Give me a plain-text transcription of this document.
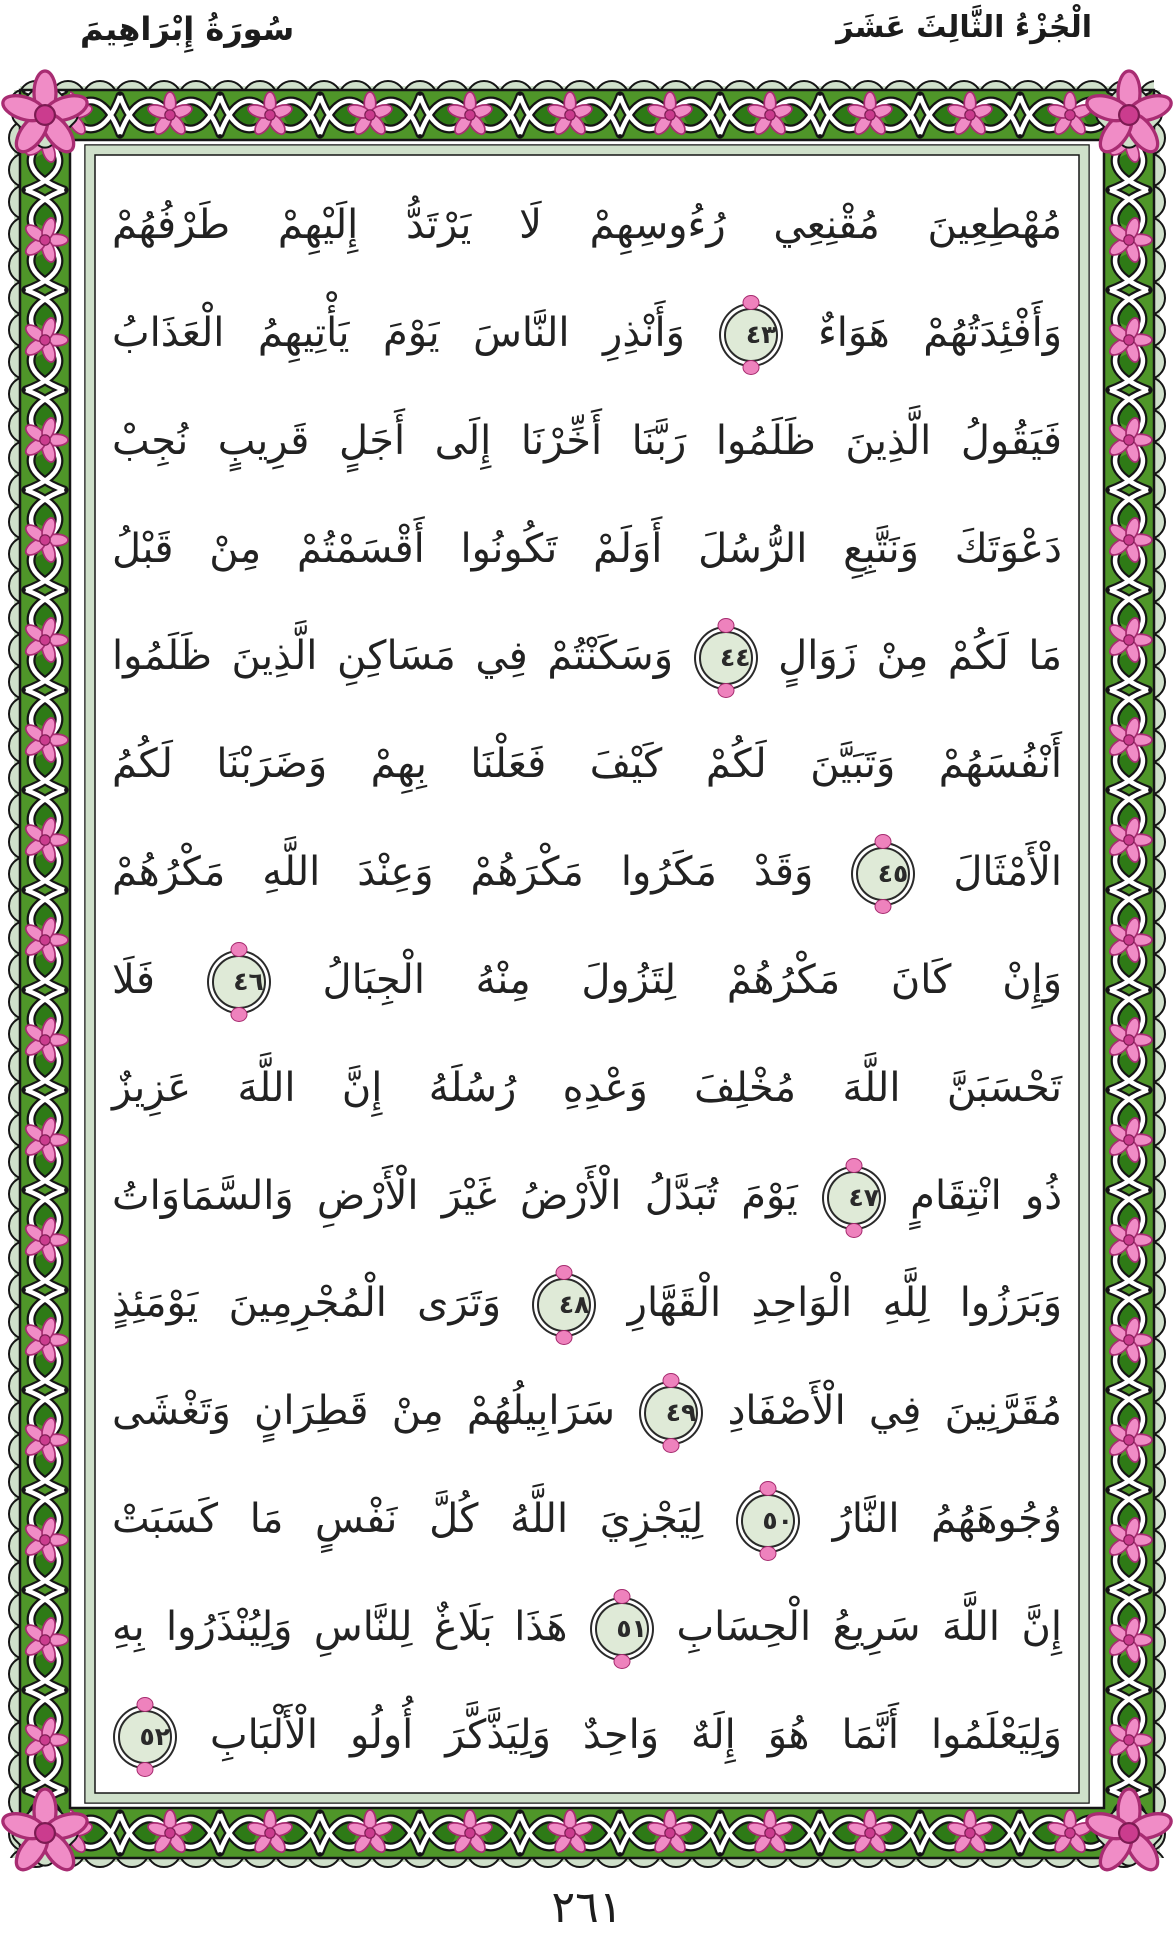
الْجُزْءُ الثَّالِثَ عَشَرَ
سُورَةُ إِبْرَاهِيمَ
مُهْطِعِينَ مُقْنِعِي رُءُوسِهِمْ لَا يَرْتَدُّ إِلَيْهِمْ طَرْفُهُمْ
وَأَفْئِدَتُهُمْ هَوَاءٌ ٤٣ وَأَنْذِرِ النَّاسَ يَوْمَ يَأْتِيهِمُ الْعَذَابُ
فَيَقُولُ الَّذِينَ ظَلَمُوا رَبَّنَا أَخِّرْنَا إِلَى أَجَلٍ قَرِيبٍ نُجِبْ
دَعْوَتَكَ وَنَتَّبِعِ الرُّسُلَ أَوَلَمْ تَكُونُوا أَقْسَمْتُمْ مِنْ قَبْلُ
مَا لَكُمْ مِنْ زَوَالٍ ٤٤ وَسَكَنْتُمْ فِي مَسَاكِنِ الَّذِينَ ظَلَمُوا
أَنْفُسَهُمْ وَتَبَيَّنَ لَكُمْ كَيْفَ فَعَلْنَا بِهِمْ وَضَرَبْنَا لَكُمُ
الْأَمْثَالَ ٤٥ وَقَدْ مَكَرُوا مَكْرَهُمْ وَعِنْدَ اللَّهِ مَكْرُهُمْ
وَإِنْ كَانَ مَكْرُهُمْ لِتَزُولَ مِنْهُ الْجِبَالُ ٤٦ فَلَا
تَحْسَبَنَّ اللَّهَ مُخْلِفَ وَعْدِهِ رُسُلَهُ إِنَّ اللَّهَ عَزِيزٌ
ذُو انْتِقَامٍ ٤٧ يَوْمَ تُبَدَّلُ الْأَرْضُ غَيْرَ الْأَرْضِ وَالسَّمَاوَاتُ
وَبَرَزُوا لِلَّهِ الْوَاحِدِ الْقَهَّارِ ٤٨ وَتَرَى الْمُجْرِمِينَ يَوْمَئِذٍ
مُقَرَّنِينَ فِي الْأَصْفَادِ ٤٩ سَرَابِيلُهُمْ مِنْ قَطِرَانٍ وَتَغْشَى
وُجُوهَهُمُ النَّارُ ٥٠ لِيَجْزِيَ اللَّهُ كُلَّ نَفْسٍ مَا كَسَبَتْ
إِنَّ اللَّهَ سَرِيعُ الْحِسَابِ ٥١ هَذَا بَلَاغٌ لِلنَّاسِ وَلِيُنْذَرُوا بِهِ
وَلِيَعْلَمُوا أَنَّمَا هُوَ إِلَهٌ وَاحِدٌ وَلِيَذَّكَّرَ أُولُو الْأَلْبَابِ ٥٢
٢٦١
